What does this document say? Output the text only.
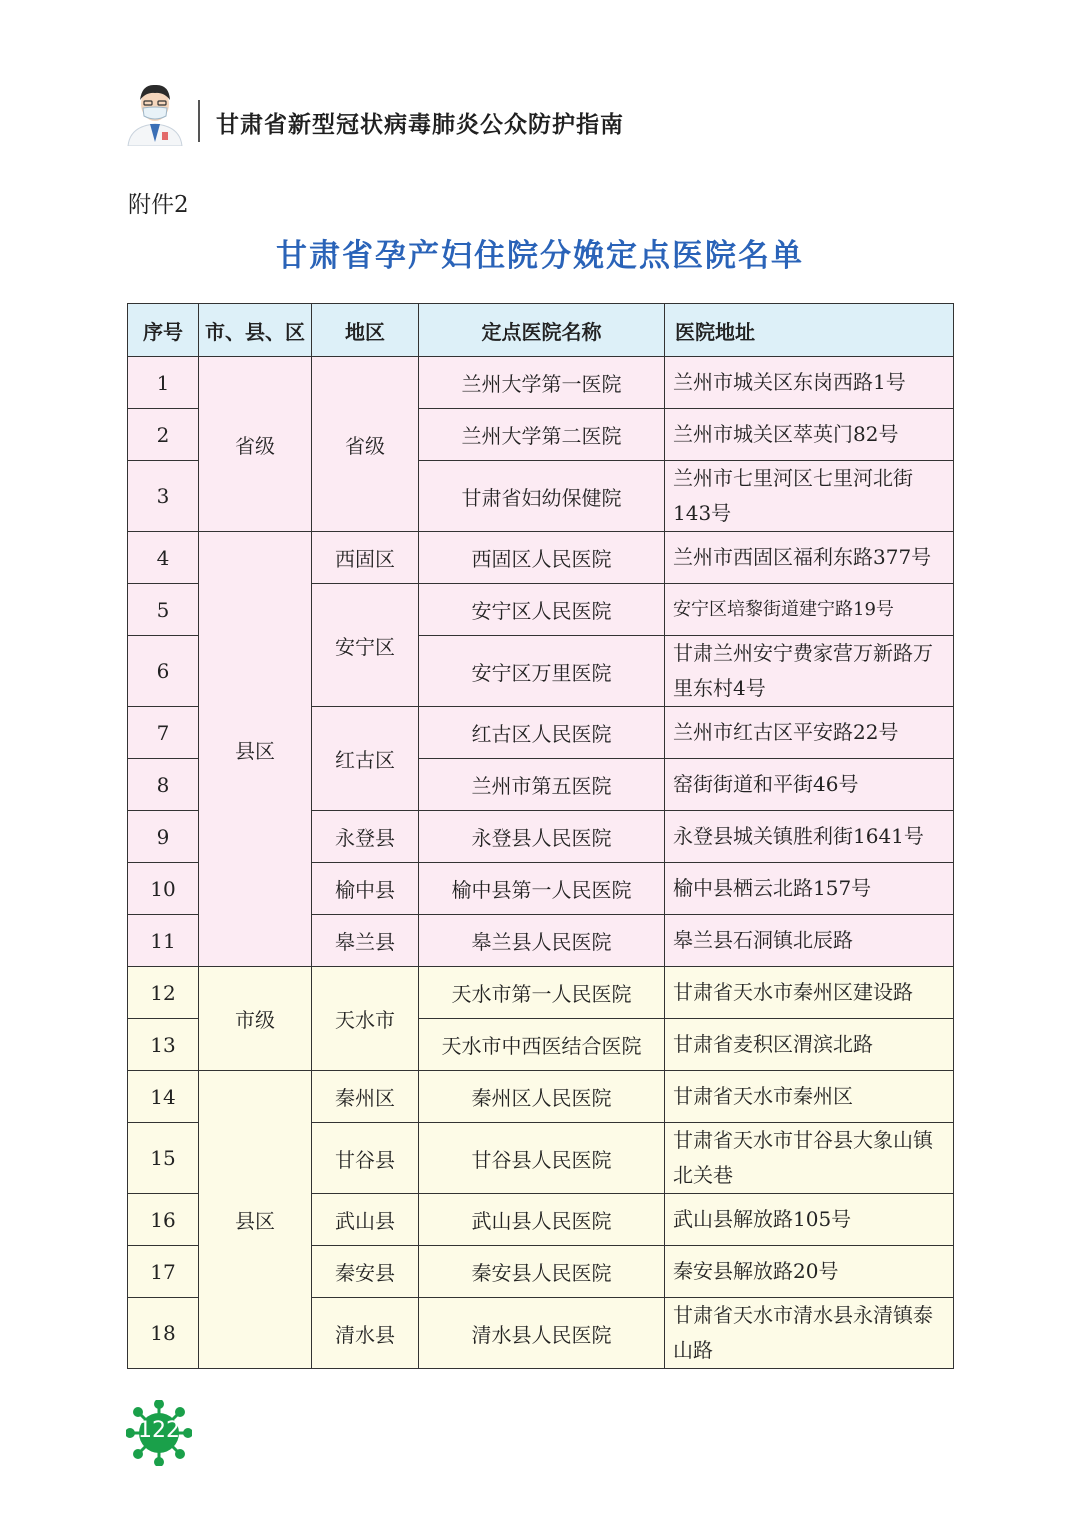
甘肃省新型冠状病毒肺炎公众防护指南
附件2
甘肃省孕产妇住院分娩定点医院名单
序号	市、县、区	地区	定点医院名称	医院地址
1	省级	省级	兰州大学第一医院	兰州市城关区东岗西路1号
2			兰州大学第二医院	兰州市城关区萃英门82号
3			甘肃省妇幼保健院	兰州市七里河区七里河北街143号
4	县区	西固区	西固区人民医院	兰州市西固区福利东路377号
5		安宁区	安宁区人民医院	安宁区培黎街道建宁路19号
6			安宁区万里医院	甘肃兰州安宁费家营万新路万里东村4号
7		红古区	红古区人民医院	兰州市红古区平安路22号
8			兰州市第五医院	窑街街道和平街46号
9		永登县	永登县人民医院	永登县城关镇胜利街1641号
10		榆中县	榆中县第一人民医院	榆中县栖云北路157号
11		皋兰县	皋兰县人民医院	皋兰县石洞镇北辰路
12	市级	天水市	天水市第一人民医院	甘肃省天水市秦州区建设路
13			天水市中西医结合医院	甘肃省麦积区渭滨北路
14	县区	秦州区	秦州区人民医院	甘肃省天水市秦州区
15		甘谷县	甘谷县人民医院	甘肃省天水市甘谷县大象山镇北关巷
16		武山县	武山县人民医院	武山县解放路105号
17		秦安县	秦安县人民医院	秦安县解放路20号
18		清水县	清水县人民医院	甘肃省天水市清水县永清镇泰山路
122
